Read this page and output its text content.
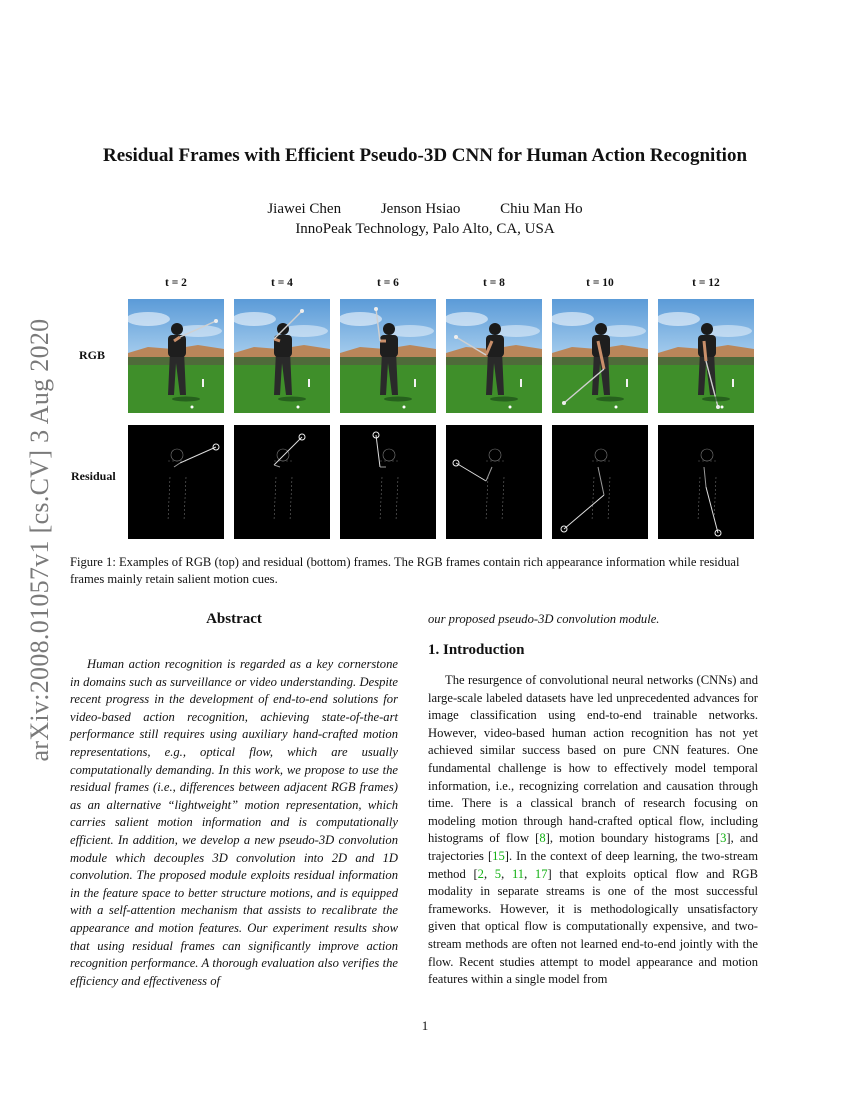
arXiv:2008.01057v1 [cs.CV] 3 Aug 2020
Residual Frames with Efficient Pseudo-3D CNN for Human Action Recognition
Jiawei Chen	Jenson Hsiao	Chiu Man Ho
InnoPeak Technology, Palo Alto, CA, USA
t = 2	t = 4	t = 6	t = 8	t = 10	t = 12
RGB
Residual
Figure 1: Examples of RGB (top) and residual (bottom) frames. The RGB frames contain rich appearance information while residual frames mainly retain salient motion cues.
Abstract

Human action recognition is regarded as a key cornerstone in domains such as surveillance or video understanding. Despite recent progress in the development of end-to-end solutions for video-based action recognition, achieving state-of-the-art performance still requires using auxiliary hand-crafted motion representations, e.g., optical flow, which are usually computationally demanding. In this work, we propose to use the residual frames (i.e., differences between adjacent RGB frames) as an alternative “lightweight” motion representation, which carries salient motion information and is computationally efficient. In addition, we develop a new pseudo-3D convolution module which decouples 3D convolution into 2D and 1D convolution. The proposed module exploits residual information in the feature space to better structure motions, and is equipped with a self-attention mechanism that assists to recalibrate the appearance and motion features. Our experiment results show that using residual frames can significantly improve action recognition performance. A thorough evaluation also verifies the efficiency and effectiveness of

our proposed pseudo-3D convolution module.

1. Introduction

The resurgence of convolutional neural networks (CNNs) and large-scale labeled datasets have led unprecedented advances for image classification using end-to-end trainable networks. However, video-based human action recognition has not yet achieved similar success based on pure CNN features. One fundamental challenge is how to effectively model temporal information, i.e., recognizing correlation and causation through time. There is a classical branch of research focusing on modeling motion through hand-crafted optical flow, including histograms of flow [8], motion boundary histograms [3], and trajectories [15]. In the context of deep learning, the two-stream method [2, 5, 11, 17] that exploits optical flow and RGB modality in separate streams is one of the most successful frameworks. However, it is methodologically unsatisfactory given that optical flow is computationally expensive, and two-stream methods are often not learned end-to-end jointly with the flow. Recent studies attempt to model appearance and motion features within a single model from

1
